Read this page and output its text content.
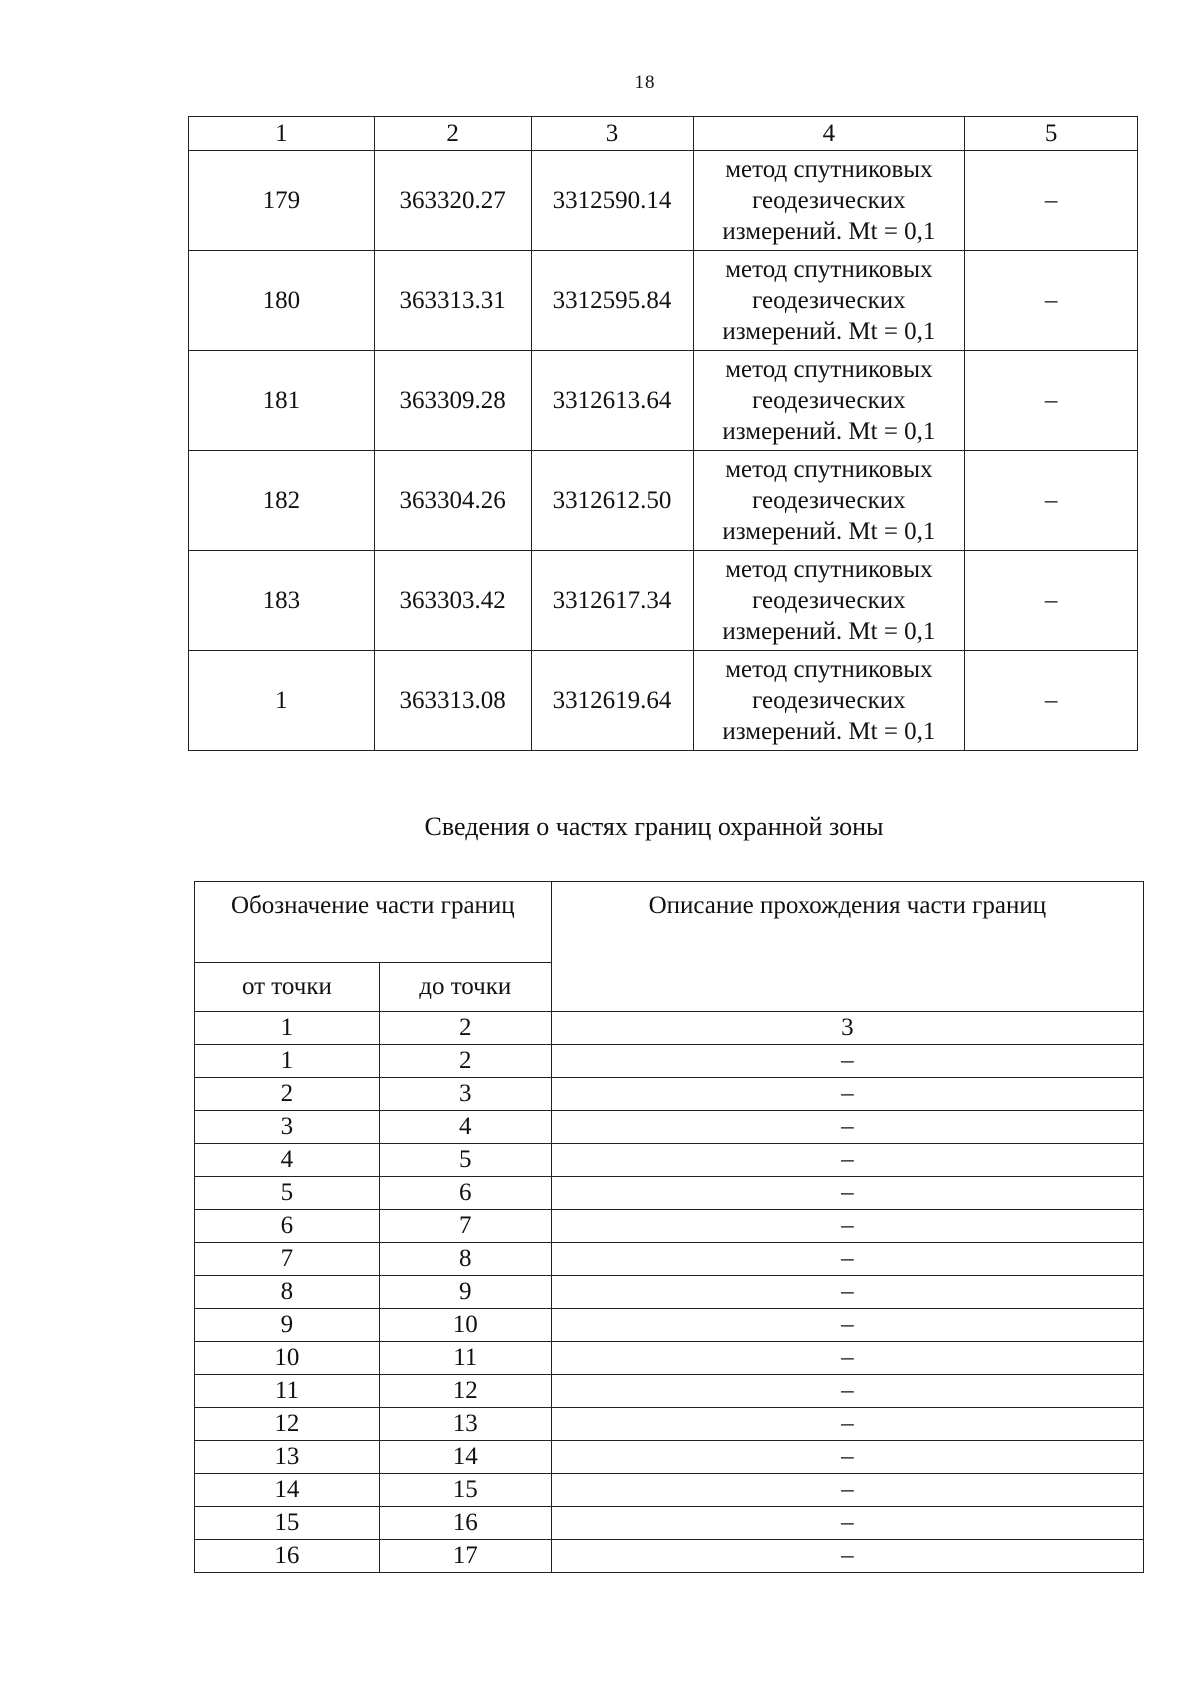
18
1	2	3	4	5
179	363320.27	3312590.14	метод спутниковых
геодезических
измерений. Mt = 0,1	–
180	363313.31	3312595.84	метод спутниковых
геодезических
измерений. Mt = 0,1	–
181	363309.28	3312613.64	метод спутниковых
геодезических
измерений. Mt = 0,1	–
182	363304.26	3312612.50	метод спутниковых
геодезических
измерений. Mt = 0,1	–
183	363303.42	3312617.34	метод спутниковых
геодезических
измерений. Mt = 0,1	–
1	363313.08	3312619.64	метод спутниковых
геодезических
измерений. Mt = 0,1	–
Сведения о частях границ охранной зоны
Обозначение части границ		Описание прохождения части границ
от точки	до точки	
1	2	3
1	2	–
2	3	–
3	4	–
4	5	–
5	6	–
6	7	–
7	8	–
8	9	–
9	10	–
10	11	–
11	12	–
12	13	–
13	14	–
14	15	–
15	16	–
16	17	–
